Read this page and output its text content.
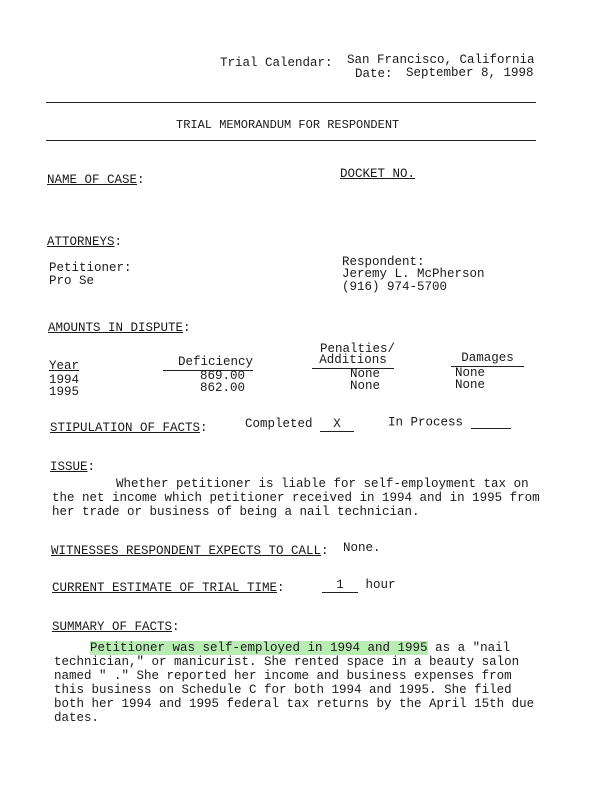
Trial Calendar: San Francisco, California
Date: September 8, 1998
TRIAL MEMORANDUM FOR RESPONDENT
NAME OF CASE:	DOCKET NO.
ATTORNEYS:
Petitioner:
Pro Se
Respondent:
Jeremy L. McPherson
(916) 974-5700
AMOUNTS IN DISPUTE:
Penalties/
Year	Deficiency	Additions	Damages
1994	869.00	None	None
1995	862.00	None	None
STIPULATION OF FACTS:	Completed X	In Process
ISSUE:
Whether petitioner is liable for self-employment tax on the net income which petitioner received in 1994 and in 1995 from her trade or business of being a nail technician.
WITNESSES RESPONDENT EXPECTS TO CALL: None.
CURRENT ESTIMATE OF TRIAL TIME:	1 hour
SUMMARY OF FACTS:
Petitioner was self-employed in 1994 and 1995 as a "nail technician," or manicurist. She rented space in a beauty salon named " ." She reported her income and business expenses from this business on Schedule C for both 1994 and 1995. She filed both her 1994 and 1995 federal tax returns by the April 15th due dates.
